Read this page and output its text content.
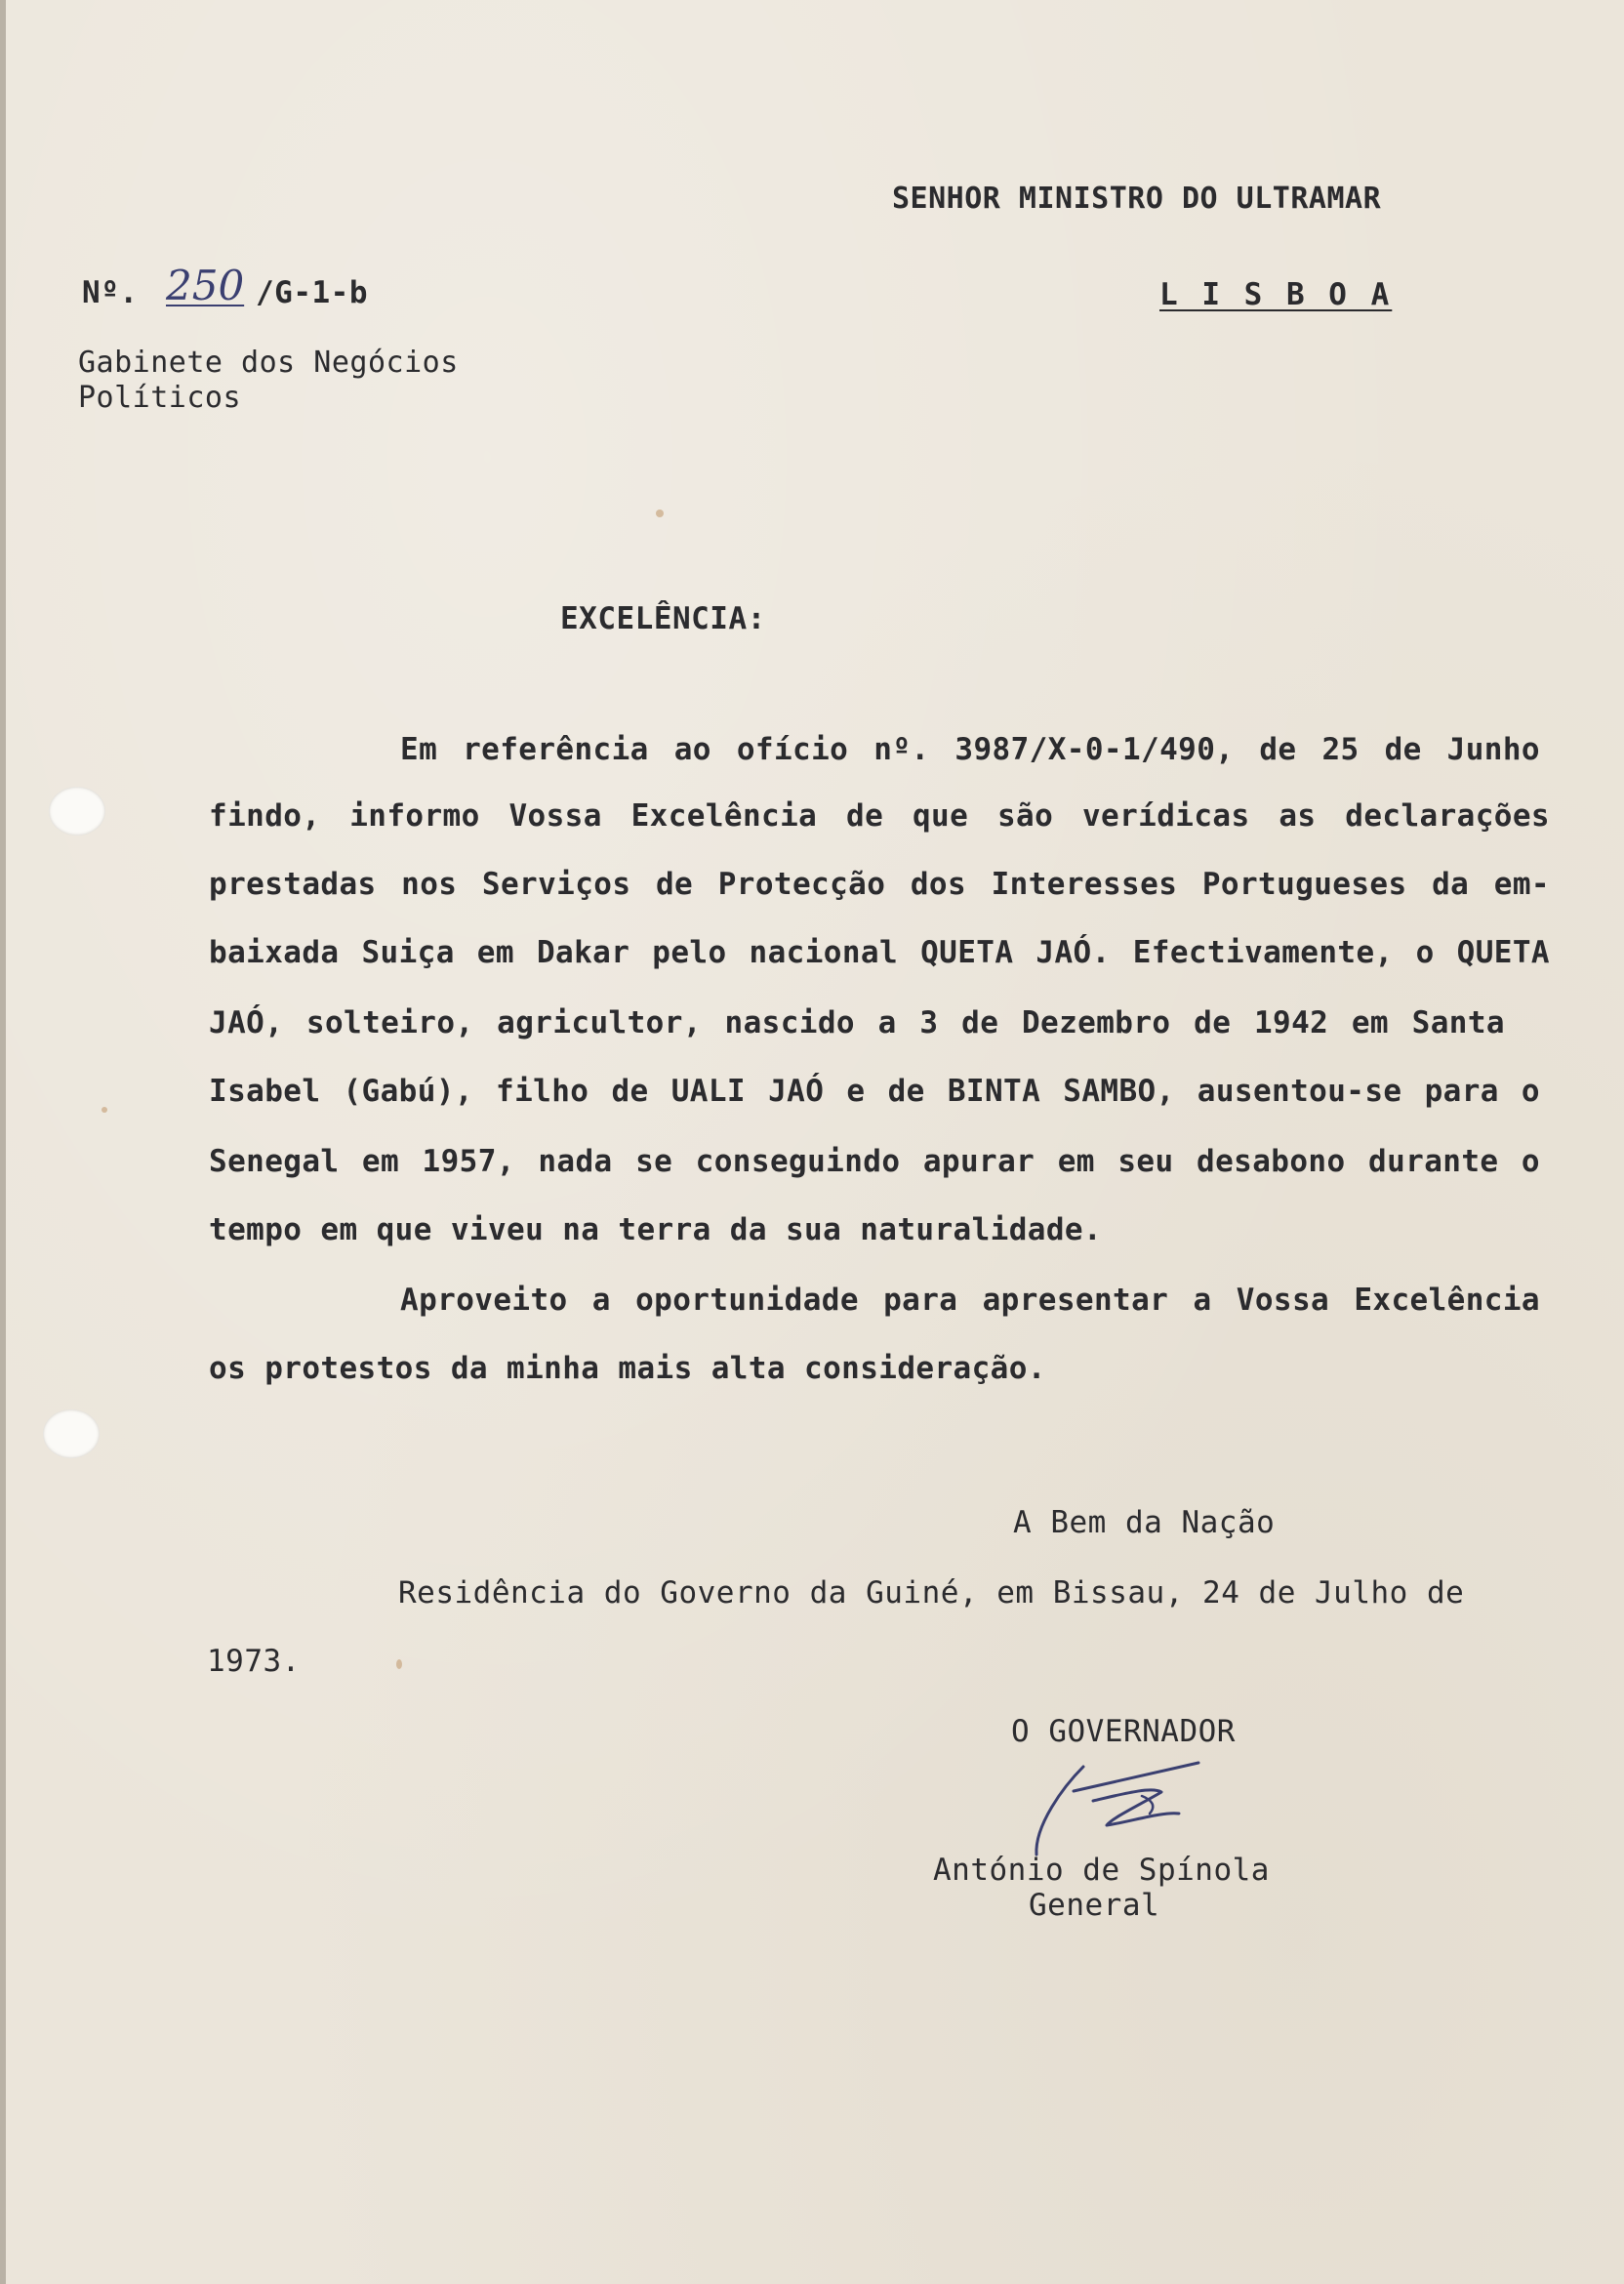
SENHOR MINISTRO DO ULTRAMAR
L I S B O A
Nº. 250 /G-1-b
Gabinete dos Negócios
Políticos
EXCELÊNCIA:
Em referência ao ofício nº. 3987/X-0-1/490, de 25 de Junho
findo, informo Vossa Excelência de que são verídicas as declarações
prestadas nos Serviços de Protecção dos Interesses Portugueses da em-
baixada Suiça em Dakar pelo nacional QUETA JAÓ. Efectivamente, o QUETA
JAÓ, solteiro, agricultor, nascido a 3 de Dezembro de 1942 em Santa
Isabel (Gabú), filho de UALI JAÓ e de BINTA SAMBO, ausentou-se para o
Senegal em 1957, nada se conseguindo apurar em seu desabono durante o
tempo em que viveu na terra da sua naturalidade.
Aproveito a oportunidade para apresentar a Vossa Excelência
os protestos da minha mais alta consideração.
A Bem da Nação
Residência do Governo da Guiné, em Bissau, 24 de Julho de
1973.
O GOVERNADOR
António de Spínola
General
